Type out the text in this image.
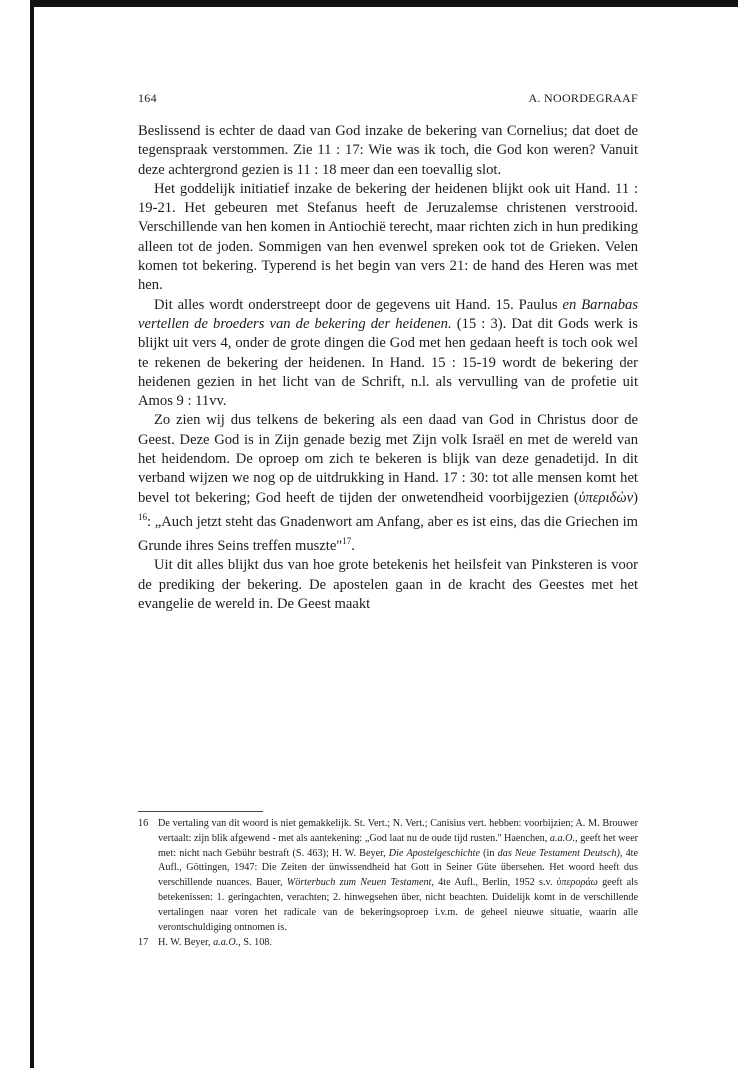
164	A. NOORDEGRAAF

Beslissend is echter de daad van God inzake de bekering van Cornelius; dat doet de tegenspraak verstommen. Zie 11 : 17: Wie was ik toch, die God kon weren? Vanuit deze achtergrond gezien is 11 : 18 meer dan een toevallig slot.

Het goddelijk initiatief inzake de bekering der heidenen blijkt ook uit Hand. 11 : 19-21. Het gebeuren met Stefanus heeft de Jeruzalemse christenen verstrooid. Verschillende van hen komen in Antiochië terecht, maar richten zich in hun prediking alleen tot de joden. Sommigen van hen evenwel spreken ook tot de Grieken. Velen komen tot bekering. Typerend is het begin van vers 21: de hand des Heren was met hen.

Dit alles wordt onderstreept door de gegevens uit Hand. 15. Paulus en Barnabas vertellen de broeders van de bekering der heidenen. (15 : 3). Dat dit Gods werk is blijkt uit vers 4, onder de grote dingen die God met hen gedaan heeft is toch ook wel te rekenen de bekering der heidenen. In Hand. 15 : 15-19 wordt de bekering der heidenen gezien in het licht van de Schrift, n.l. als vervulling van de profetie uit Amos 9 : 11vv.

Zo zien wij dus telkens de bekering als een daad van God in Christus door de Geest. Deze God is in Zijn genade bezig met Zijn volk Israël en met de wereld van het heidendom. De oproep om zich te bekeren is blijk van deze genadetijd. In dit verband wijzen we nog op de uitdrukking in Hand. 17 : 30: tot alle mensen komt het bevel tot bekering; God heeft de tijden der onwetendheid voorbijgezien (ὑπεριδὼν) $^{16}$: „Auch jetzt steht das Gnadenwort am Anfang, aber es ist eins, das die Griechen im Grunde ihres Seins treffen muszte"$^{17}$.

Uit dit alles blijkt dus van hoe grote betekenis het heilsfeit van Pinksteren is voor de prediking der bekering. De apostelen gaan in de kracht des Geestes met het evangelie de wereld in. De Geest maakt

16 De vertaling van dit woord is niet gemakkelijk. St. Vert.; N. Vert.; Canisius vert. hebben: voorbijzien; A. M. Brouwer vertaalt: zijn blik afgewend - met als aantekening: „God laat nu de oude tijd rusten.'' Haenchen, a.a.O., geeft het weer met: nicht nach Gebühr bestraft (S. 463); H. W. Beyer, Die Apostelgeschichte (in das Neue Testament Deutsch), 4te Aufl., Göttingen, 1947: Die Zeiten der ünwissendheid hat Gott in Seiner Güte übersehen. Het woord heeft dus verschillende nuances. Bauer, Wörterbuch zum Neuen Testament, 4te Aufl., Berlin, 1952 s.v. ὑπεροράω geeft als betekenissen: 1. geringachten, verachten; 2. hinwegsehen über, nicht beachten. Duidelijk komt in de verschillende vertalingen naar voren het radicale van de bekeringsoproep i.v.m. de geheel nieuwe situatie, waarin alle verontschuldiging ontnomen is.

17 H. W. Beyer, a.a.O., S. 108.
